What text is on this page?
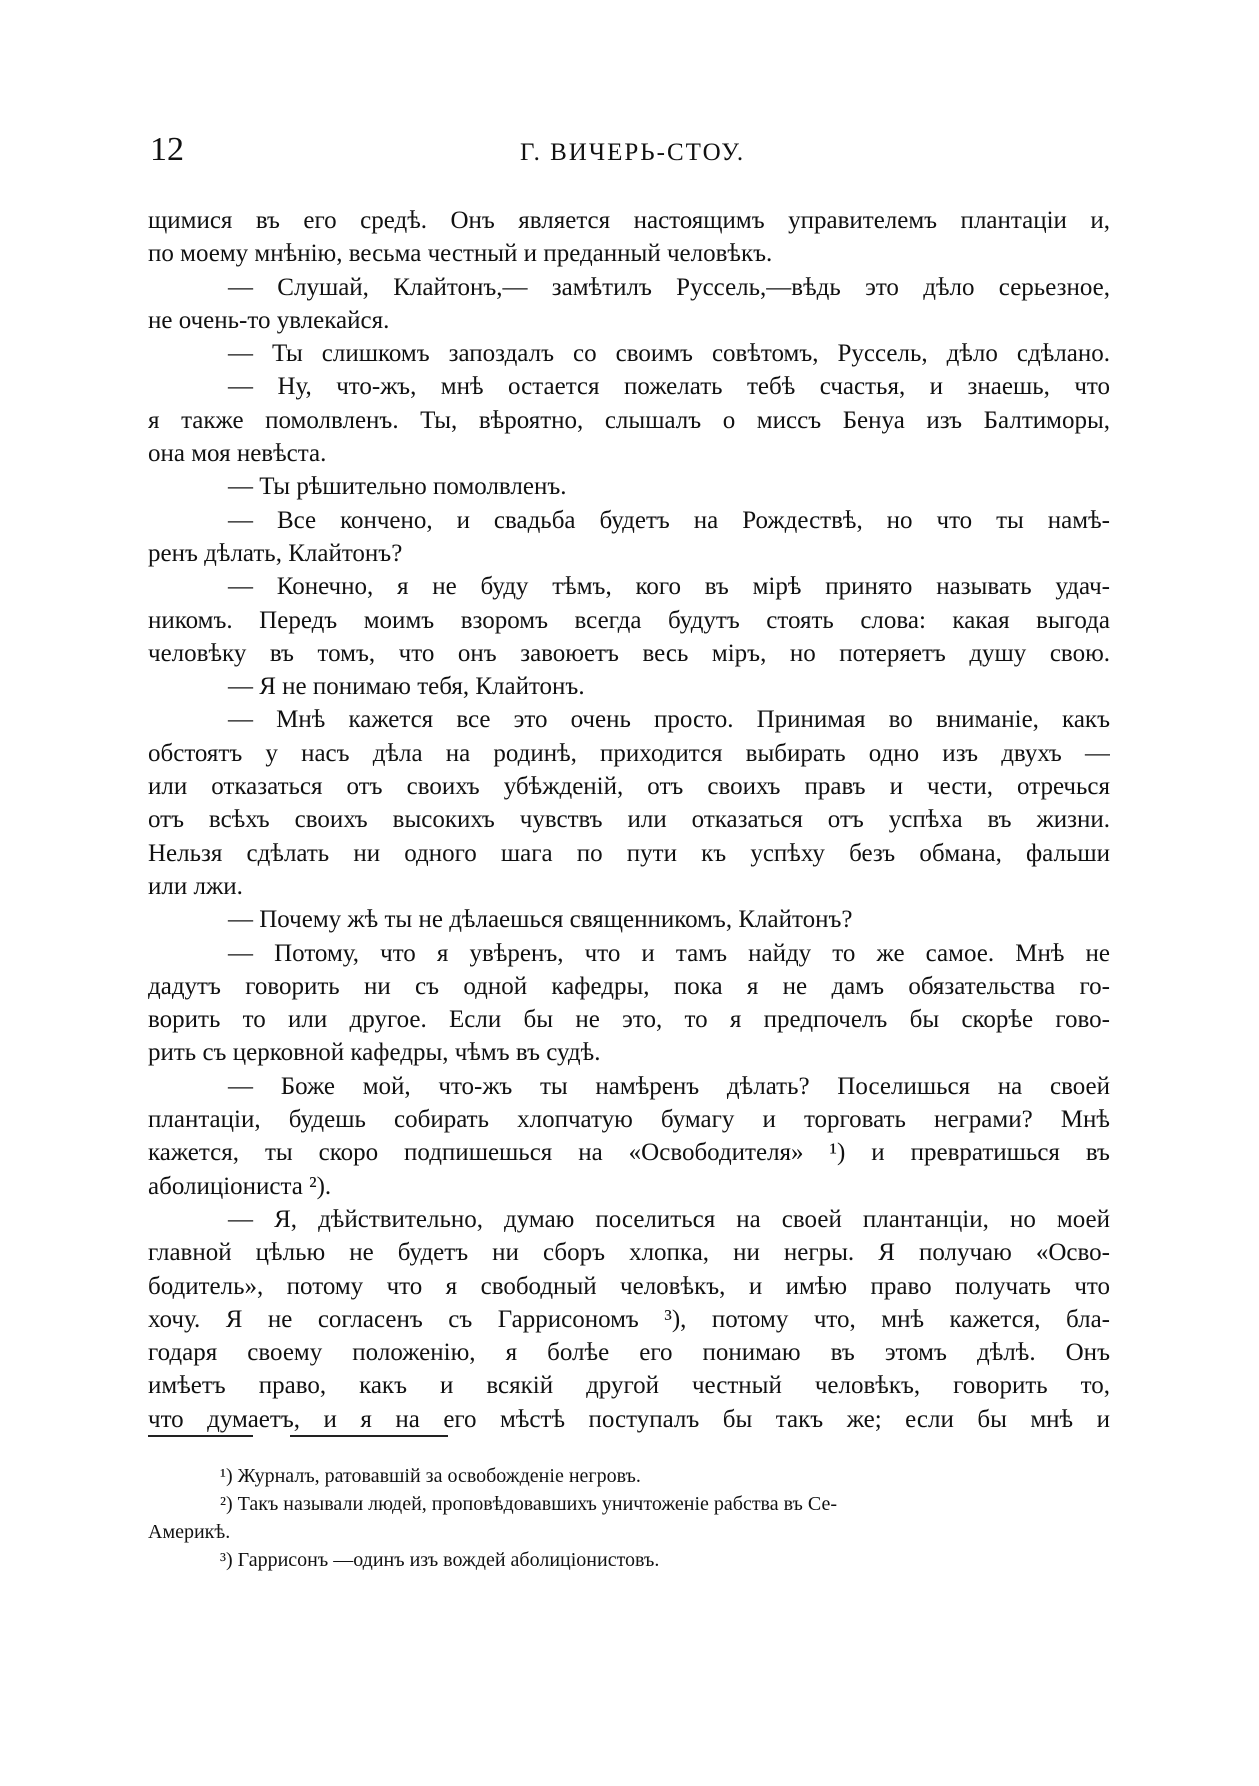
12	Г. ВИЧЕРЬ-СТОУ.
щимися въ его средѣ. Онъ является настоящимъ управителемъ плантаціи и,
по моему мнѣнію, весьма честный и преданный человѣкъ.
— Слушай, Клайтонъ,— замѣтилъ Руссель,—вѣдь это дѣло серьезное,
не очень-то увлекайся.
— Ты слишкомъ запоздалъ со своимъ совѣтомъ, Руссель, дѣло сдѣлано.
— Ну, что-жъ, мнѣ остается пожелать тебѣ счастья, и знаешь, что
я также помолвленъ. Ты, вѣроятно, слышалъ о миссъ Бенуа изъ Балтиморы,
она моя невѣста.
— Ты рѣшительно помолвленъ.
— Все кончено, и свадьба будетъ на Рождествѣ, но что ты намѣ-
ренъ дѣлать, Клайтонъ?
— Конечно, я не буду тѣмъ, кого въ мірѣ принято называть удач-
никомъ. Передъ моимъ взоромъ всегда будутъ стоять слова: какая выгода
человѣку въ томъ, что онъ завоюетъ весь міръ, но потеряетъ душу свою.
— Я не понимаю тебя, Клайтонъ.
— Мнѣ кажется все это очень просто. Принимая во вниманіе, какъ
обстоятъ у насъ дѣла на родинѣ, приходится выбирать одно изъ двухъ —
или отказаться отъ своихъ убѣжденій, отъ своихъ правъ и чести, отречься
отъ всѣхъ своихъ высокихъ чувствъ или отказаться отъ успѣха въ жизни.
Нельзя сдѣлать ни одного шага по пути къ успѣху безъ обмана, фальши
или лжи.
— Почему жѣ ты не дѣлаешься священникомъ, Клайтонъ?
— Потому, что я увѣренъ, что и тамъ найду то же самое. Мнѣ не
дадутъ говорить ни съ одной кафедры, пока я не дамъ обязательства го-
ворить то или другое. Если бы не это, то я предпочелъ бы скорѣе гово-
рить съ церковной кафедры, чѣмъ въ судѣ.
— Боже мой, что-жъ ты намѣренъ дѣлать? Поселишься на своей
плантаціи, будешь собирать хлопчатую бумагу и торговать неграми? Мнѣ
кажется, ты скоро подпишешься на «Освободителя» ¹) и превратишься въ
аболиціониста ²).
— Я, дѣйствительно, думаю поселиться на своей плантанціи, но моей
главной цѣлью не будетъ ни сборъ хлопка, ни негры. Я получаю «Осво-
бодитель», потому что я свободный человѣкъ, и имѣю право получать что
хочу. Я не согласенъ съ Гаррисономъ ³), потому что, мнѣ кажется, бла-
годаря своему положенію, я болѣе его понимаю въ этомъ дѣлѣ. Онъ
имѣетъ право, какъ и всякій другой честный человѣкъ, говорить то,
что думаетъ, и я на его мѣстѣ поступалъ бы такъ же; если бы мнѣ и
¹) Журналъ, ратовавшій за освобожденіе негровъ.
²) Такъ называли людей, проповѣдовавшихъ уничтоженіе рабства въ Се-
Америкѣ.
³) Гаррисонъ —одинъ изъ вождей аболиціонистовъ.
